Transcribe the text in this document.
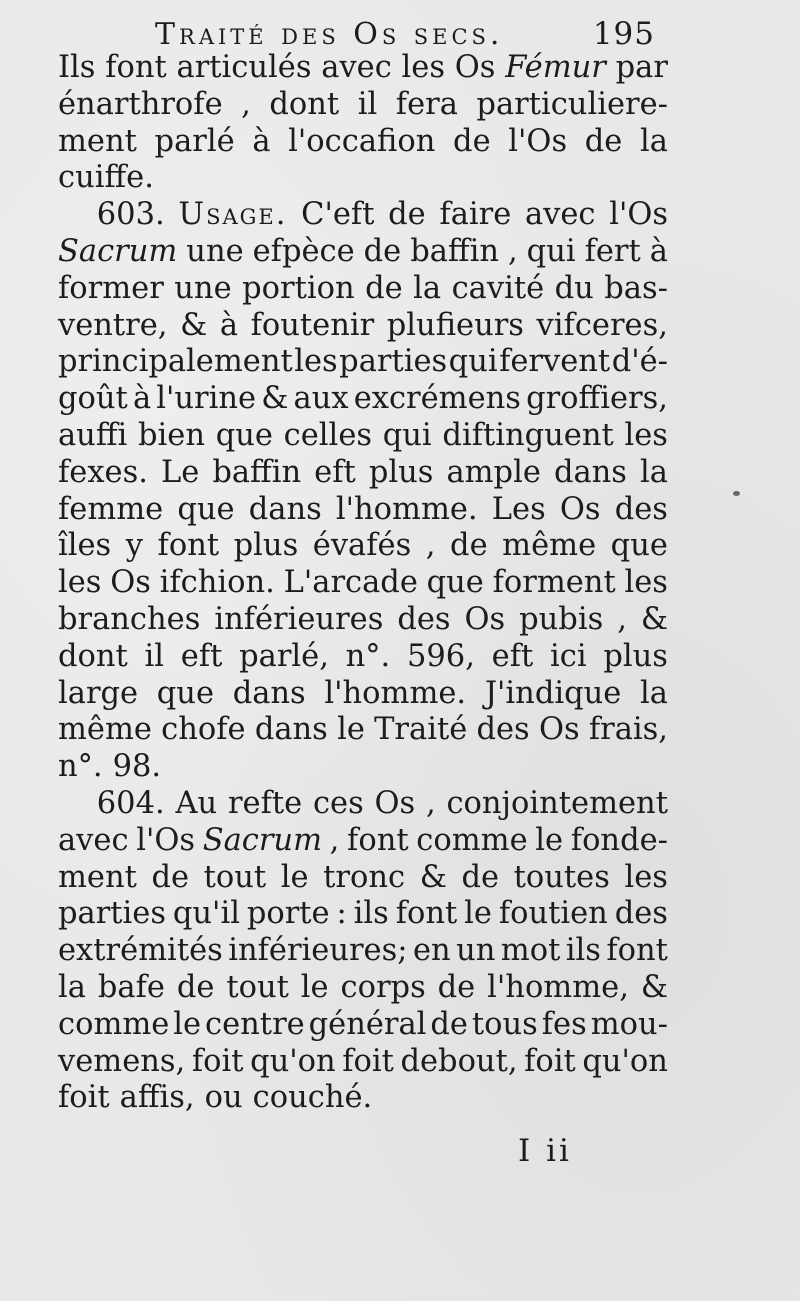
Traité des Os secs.	195
Ils font articulés avec les Os Fémur par
énarthrofe , dont il fera particuliere-
ment parlé à l'occafion de l'Os de la
cuiffe.
603. Usage. C'eft de faire avec l'Os
Sacrum une efpèce de baffin , qui fert à
former une portion de la cavité du bas-
ventre, & à foutenir plufieurs vifceres,
principalement les parties qui fervent d'é-
goût à l'urine & aux excrémens groffiers,
auffi bien que celles qui diftinguent les
fexes. Le baffin eft plus ample dans la
femme que dans l'homme. Les Os des
îles y font plus évafés , de même que
les Os ifchion. L'arcade que forment les
branches inférieures des Os pubis , &
dont il eft parlé, n°. 596, eft ici plus
large que dans l'homme. J'indique la
même chofe dans le Traité des Os frais,
n°. 98.
604. Au refte ces Os , conjointement
avec l'Os Sacrum , font comme le fonde-
ment de tout le tronc & de toutes les
parties qu'il porte : ils font le foutien des
extrémités inférieures; en un mot ils font
la bafe de tout le corps de l'homme, &
comme le centre général de tous fes mou-
vemens, foit qu'on foit debout, foit qu'on
foit affis, ou couché.
I ii
